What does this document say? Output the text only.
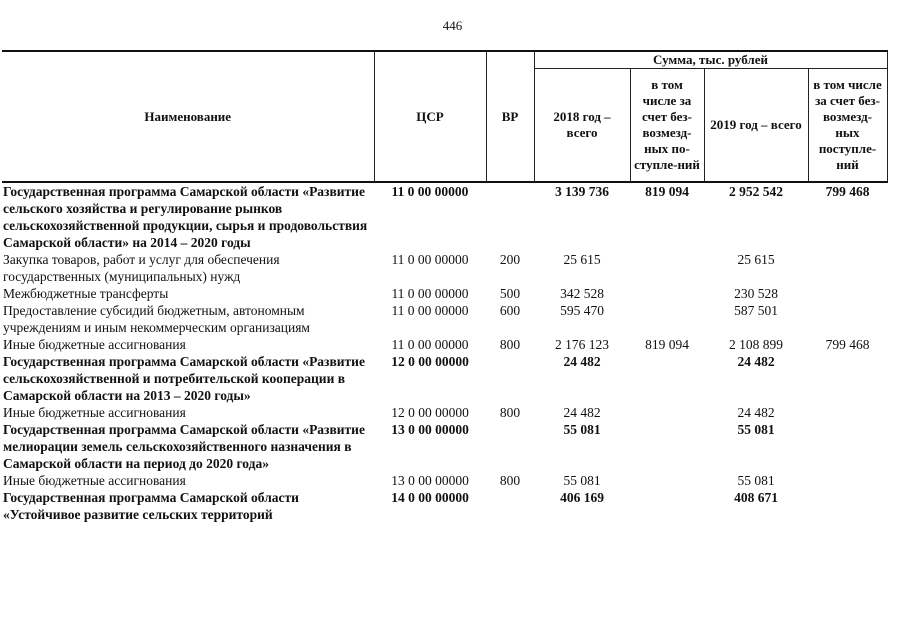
446
Наименование	ЦСР	ВР	Сумма, тыс. рублей			
			2018 год – всего	в том числе за счет без-возмезд-ных по-ступле-ний	2019 год – всего	в том числе за счет без-возмезд-ных поступле-ний
Государственная программа Самарской области «Развитие сельского хозяйства и регулирование рынков сельскохозяйственной продукции, сырья и продовольствия Самарской области» на 2014 – 2020 годы	11 0 00 00000		3 139 736	819 094	2 952 542	799 468
Закупка товаров, работ и услуг для обеспечения государственных (муниципальных) нужд	11 0 00 00000	200	25 615		25 615	
Межбюджетные трансферты	11 0 00 00000	500	342 528		230 528	
Предоставление субсидий бюджетным, автономным учреждениям и иным некоммерческим организациям	11 0 00 00000	600	595 470		587 501	
Иные бюджетные ассигнования	11 0 00 00000	800	2 176 123	819 094	2 108 899	799 468
Государственная программа Самарской области «Развитие сельскохозяйственной и потребительской кооперации в Самарской области на 2013 – 2020 годы»	12 0 00 00000		24 482		24 482	
Иные бюджетные ассигнования	12 0 00 00000	800	24 482		24 482	
Государственная программа Самарской области «Развитие мелиорации земель сельскохозяйственного назначения в Самарской области на период до 2020 года»	13 0 00 00000		55 081		55 081	
Иные бюджетные ассигнования	13 0 00 00000	800	55 081		55 081	
Государственная программа Самарской области «Устойчивое развитие сельских территорий	14 0 00 00000		406 169		408 671	
